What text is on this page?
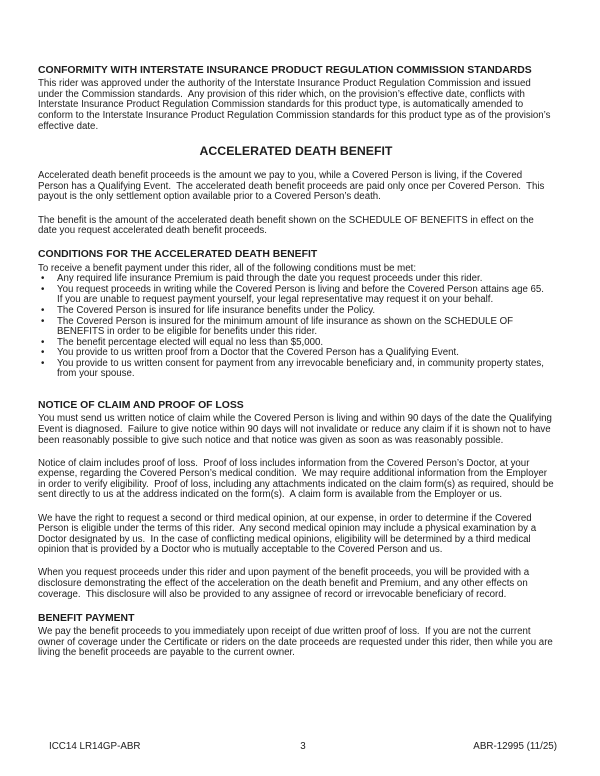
CONFORMITY WITH INTERSTATE INSURANCE PRODUCT REGULATION COMMISSION STANDARDS

This rider was approved under the authority of the Interstate Insurance Product Regulation Commission and issued under the Commission standards.  Any provision of this rider which, on the provision’s effective date, conflicts with Interstate Insurance Product Regulation Commission standards for this product type, is automatically amended to conform to the Interstate Insurance Product Regulation Commission standards for this product type as of the provision’s effective date.

ACCELERATED DEATH BENEFIT

Accelerated death benefit proceeds is the amount we pay to you, while a Covered Person is living, if the Covered Person has a Qualifying Event.  The accelerated death benefit proceeds are paid only once per Covered Person.  This payout is the only settlement option available prior to a Covered Person’s death.

The benefit is the amount of the accelerated death benefit shown on the SCHEDULE OF BENEFITS in effect on the date you request accelerated death benefit proceeds.

CONDITIONS FOR THE ACCELERATED DEATH BENEFIT

To receive a benefit payment under this rider, all of the following conditions must be met:

• Any required life insurance Premium is paid through the date you request proceeds under this rider.
• You request proceeds in writing while the Covered Person is living and before the Covered Person attains age 65.  If you are unable to request payment yourself, your legal representative may request it on your behalf.
• The Covered Person is insured for life insurance benefits under the Policy.
• The Covered Person is insured for the minimum amount of life insurance as shown on the SCHEDULE OF BENEFITS in order to be eligible for benefits under this rider.
• The benefit percentage elected will equal no less than $5,000.
• You provide to us written proof from a Doctor that the Covered Person has a Qualifying Event.
• You provide to us written consent for payment from any irrevocable beneficiary and, in community property states, from your spouse.
NOTICE OF CLAIM AND PROOF OF LOSS

You must send us written notice of claim while the Covered Person is living and within 90 days of the date the Qualifying Event is diagnosed.  Failure to give notice within 90 days will not invalidate or reduce any claim if it is shown not to have been reasonably possible to give such notice and that notice was given as soon as was reasonably possible.

Notice of claim includes proof of loss.  Proof of loss includes information from the Covered Person’s Doctor, at your expense, regarding the Covered Person’s medical condition.  We may require additional information from the Employer in order to verify eligibility.  Proof of loss, including any attachments indicated on the claim form(s) as required, should be sent directly to us at the address indicated on the form(s).  A claim form is available from the Employer or us.

We have the right to request a second or third medical opinion, at our expense, in order to determine if the Covered Person is eligible under the terms of this rider.  Any second medical opinion may include a physical examination by a Doctor designated by us.  In the case of conflicting medical opinions, eligibility will be determined by a third medical opinion that is provided by a Doctor who is mutually acceptable to the Covered Person and us.

When you request proceeds under this rider and upon payment of the benefit proceeds, you will be provided with a disclosure demonstrating the effect of the acceleration on the death benefit and Premium, and any other effects on coverage.  This disclosure will also be provided to any assignee of record or irrevocable beneficiary of record.

BENEFIT PAYMENT

We pay the benefit proceeds to you immediately upon receipt of due written proof of loss.  If you are not the current owner of coverage under the Certificate or riders on the date proceeds are requested under this rider, then while you are living the benefit proceeds are payable to the current owner.

ICC14 LR14GP-ABR	3	ABR-12995 (11/25)
